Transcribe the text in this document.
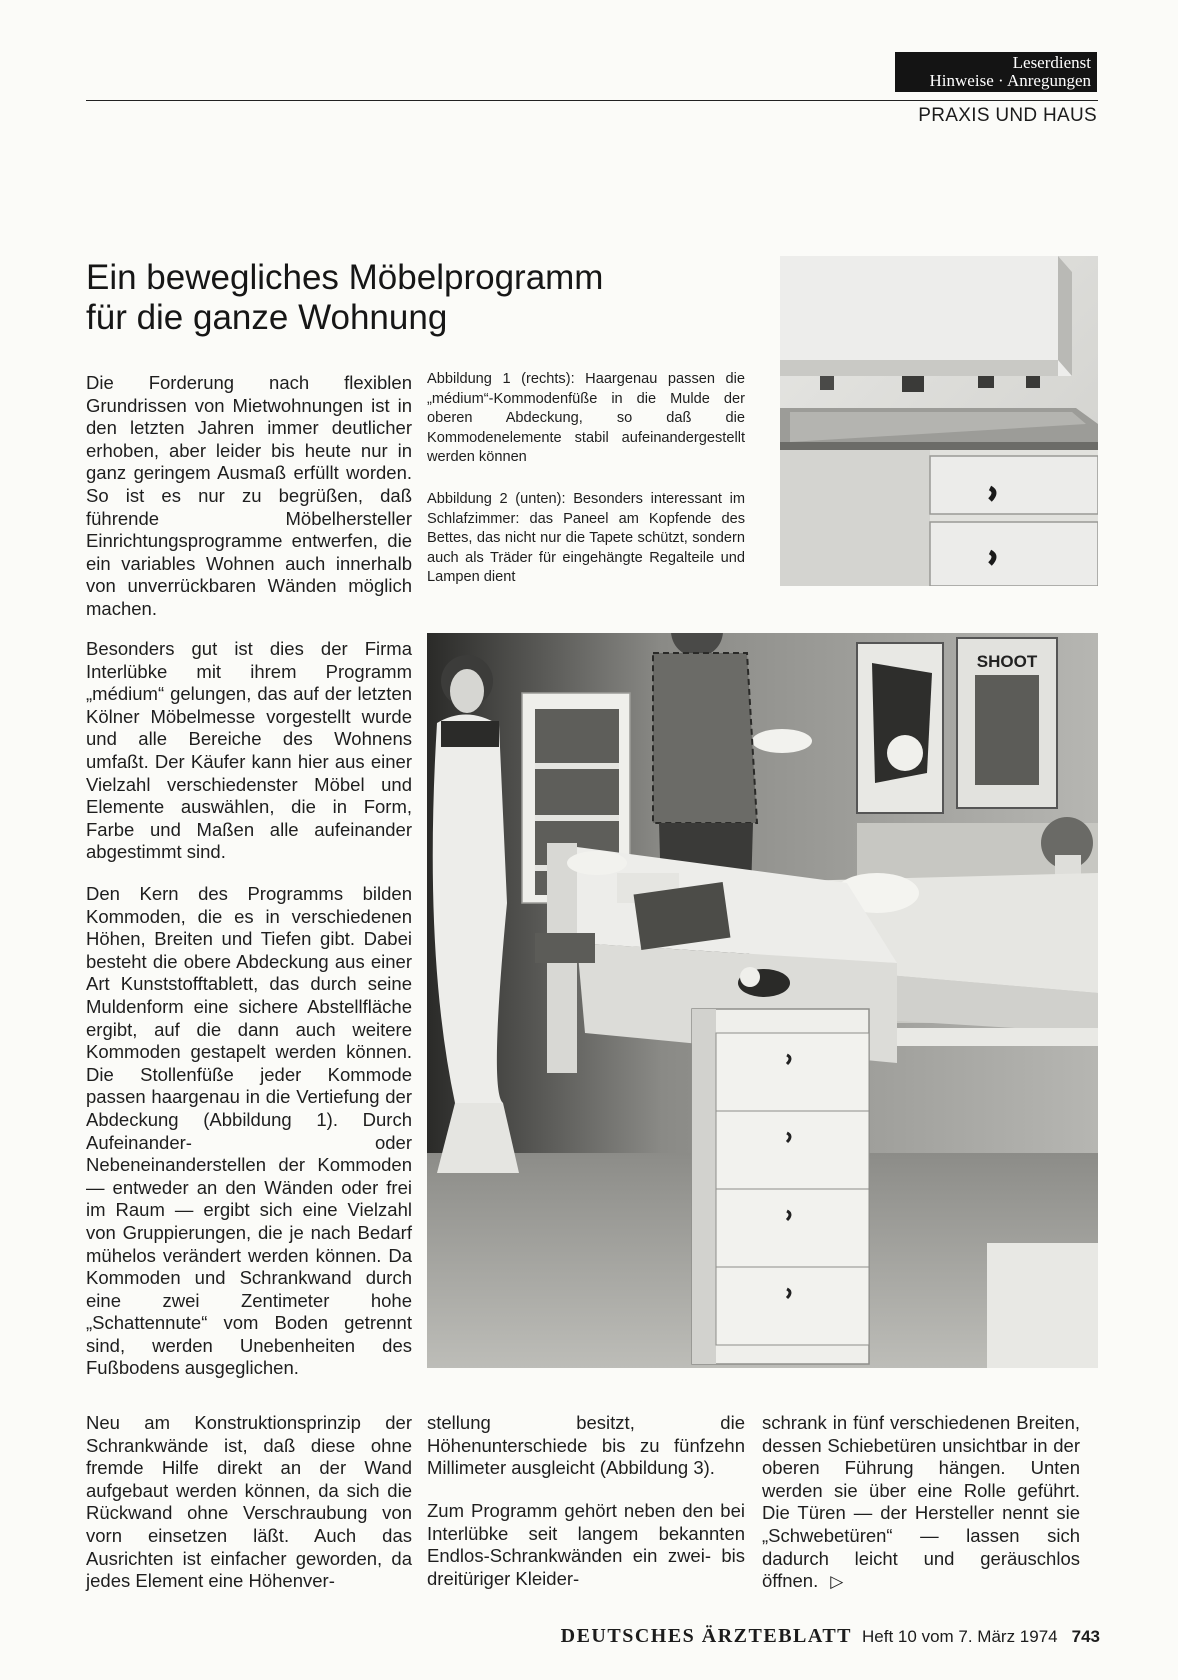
Leserdienst
Hinweise · Anregungen
PRAXIS UND HAUS
Ein bewegliches Möbelprogramm
für die ganze Wohnung

Die Forderung nach flexiblen Grundrissen von Mietwohnungen ist in den letzten Jahren immer deutlicher erhoben, aber leider bis heute nur in ganz geringem Ausmaß erfüllt worden. So ist es nur zu begrüßen, daß führende Möbelhersteller Einrichtungsprogramme entwerfen, die ein variables Wohnen auch innerhalb von unverrückbaren Wänden möglich machen.

Besonders gut ist dies der Firma Interlübke mit ihrem Programm „médium“ gelungen, das auf der letzten Kölner Möbelmesse vorgestellt wurde und alle Bereiche des Wohnens umfaßt. Der Käufer kann hier aus einer Vielzahl verschiedenster Möbel und Elemente auswählen, die in Form, Farbe und Maßen alle aufeinander abgestimmt sind.

Den Kern des Programms bilden Kommoden, die es in verschiedenen Höhen, Breiten und Tiefen gibt. Dabei besteht die obere Abdeckung aus einer Art Kunststofftablett, das durch seine Muldenform eine sichere Abstellfläche ergibt, auf die dann auch weitere Kommoden gestapelt werden können. Die Stollenfüße jeder Kommode passen haargenau in die Vertiefung der Abdeckung (Abbildung 1). Durch Aufeinander- oder Nebeneinanderstellen der Kommoden — entweder an den Wänden oder frei im Raum — ergibt sich eine Vielzahl von Gruppierungen, die je nach Bedarf mühelos verändert werden können. Da Kommoden und Schrankwand durch eine zwei Zentimeter hohe „Schattennute“ vom Boden getrennt sind, werden Unebenheiten des Fußbodens ausgeglichen.

Neu am Konstruktionsprinzip der Schrankwände ist, daß diese ohne fremde Hilfe direkt an der Wand aufgebaut werden können, da sich die Rückwand ohne Verschraubung von vorn einsetzen läßt. Auch das Ausrichten ist einfacher geworden, da jedes Element eine Höhenver-

Abbildung 1 (rechts): Haargenau passen die „médium“-Kommodenfüße in die Mulde der oberen Abdeckung, so daß die Kommodenelemente stabil aufeinandergestellt werden können

Abbildung 2 (unten): Besonders interessant im Schlafzimmer: das Paneel am Kopfende des Bettes, das nicht nur die Tapete schützt, sondern auch als Träder für eingehängte Regalteile und Lampen dient

SHOOT

stellung besitzt, die Höhenunterschiede bis zu fünfzehn Millimeter ausgleicht (Abbildung 3).

Zum Programm gehört neben den bei Interlübke seit langem bekannten Endlos-Schrankwänden ein zwei- bis dreitüriger Kleider-

schrank in fünf verschiedenen Breiten, dessen Schiebetüren unsichtbar in der oberen Führung hängen. Unten werden sie über eine Rolle geführt. Die Türen — der Hersteller nennt sie „Schwebetüren“ — lassen sich dadurch leicht und geräuschlos öffnen. ▷

DEUTSCHES ÄRZTEBLATT Heft 10 vom 7. März 1974 743
